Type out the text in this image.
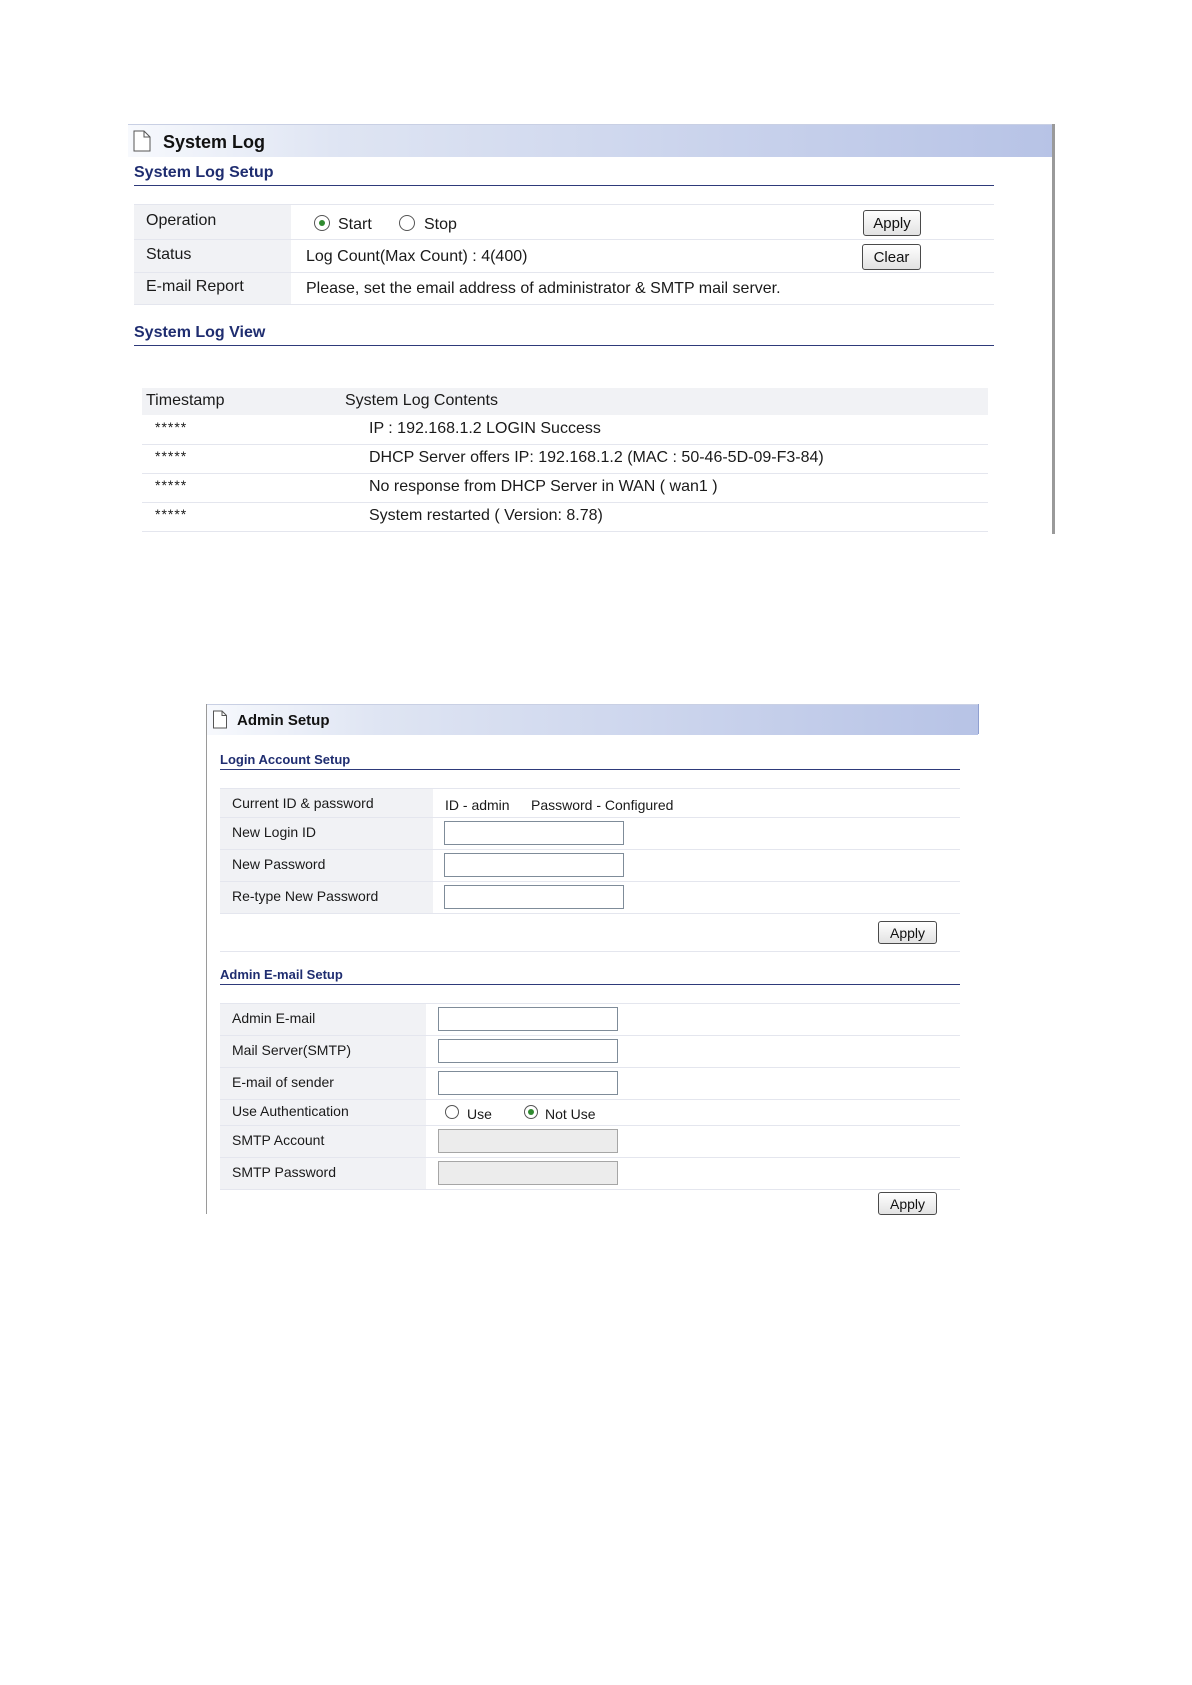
System Log
System Log Setup
Operation	Start	Stop	Apply
Status	Log Count(Max Count) : 4(400)	Clear
E-mail Report	Please, set the email address of administrator & SMTP mail server.
System Log View
Timestamp	System Log Contents
*****	IP : 192.168.1.2 LOGIN Success
*****	DHCP Server offers IP: 192.168.1.2 (MAC : 50-46-5D-09-F3-84)
*****	No response from DHCP Server in WAN ( wan1 )
*****	System restarted ( Version: 8.78)
Admin Setup
Login Account Setup
Current ID & password	ID - admin Password - Configured
New Login ID
New Password
Re-type New Password
Apply
Admin E-mail Setup
Admin E-mail
Mail Server(SMTP)
E-mail of sender
Use Authentication	Use	Not Use
SMTP Account
SMTP Password
Apply
